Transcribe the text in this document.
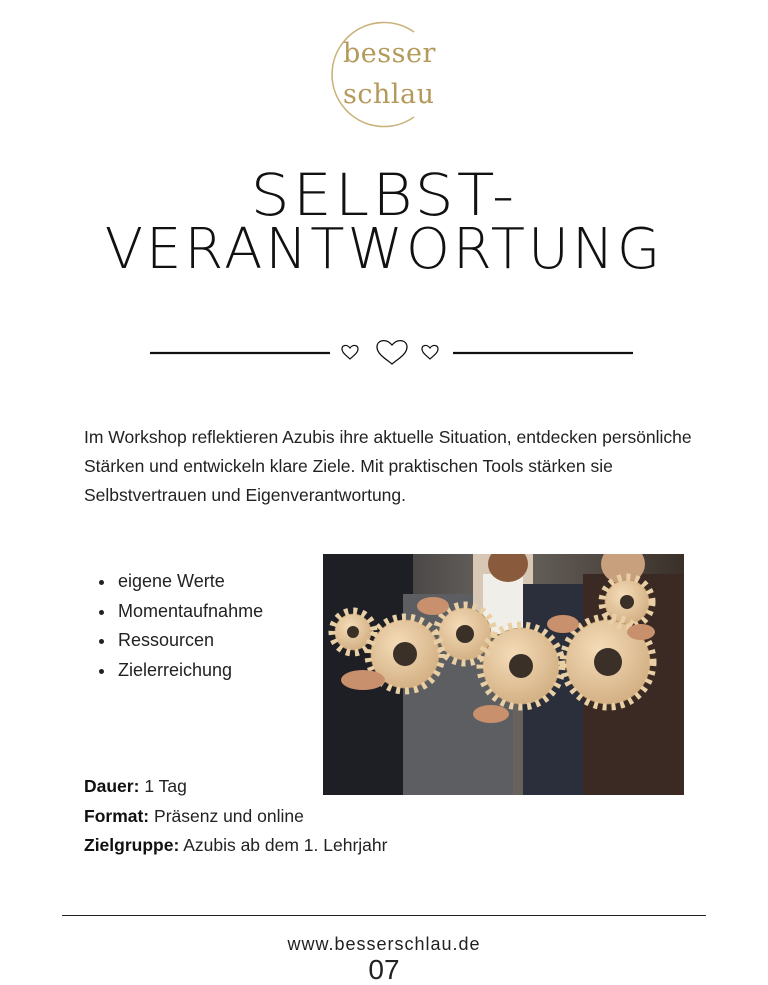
besser
schlau
SELBST-
VERANTWORTUNG
Im Workshop reflektieren Azubis ihre aktuelle Situation, entdecken persönliche Stärken und entwickeln klare Ziele. Mit praktischen Tools stärken sie Selbstvertrauen und Eigenverantwortung.
• eigene Werte
• Momentaufnahme
• Ressourcen
• Zielerreichung
Dauer: 1 Tag
Format: Präsenz und online
Zielgruppe: Azubis ab dem 1. Lehrjahr
www.besserschlau.de
07
